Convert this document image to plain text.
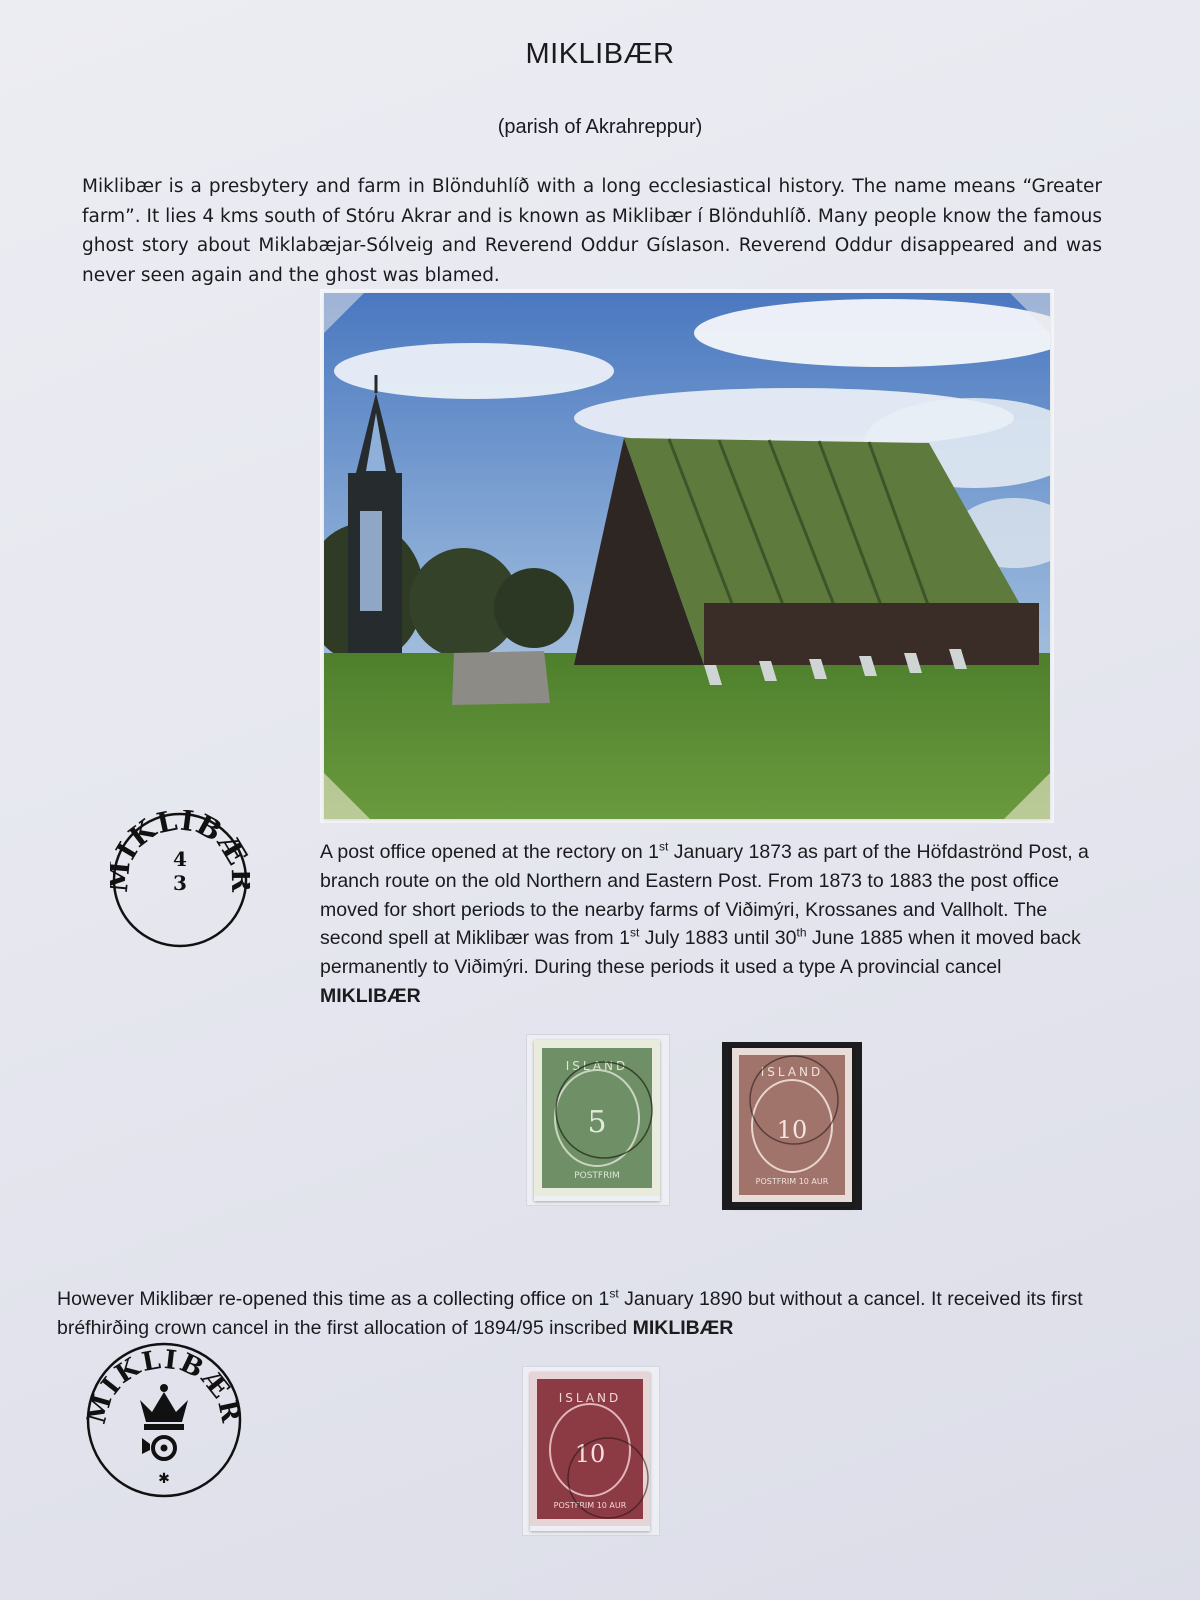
MIKLIBÆR
(parish of Akrahreppur)
Miklibær is a presbytery and farm in Blönduhlíð with a long ecclesiastical history. The name means “Greater farm”. It lies 4 kms south of Stóru Akrar and is known as Miklibær í Blönduhlíð. Many people know the famous ghost story about Miklabæjar-Sólveig and Reverend Oddur Gíslason. Reverend Oddur disappeared and was never seen again and the ghost was blamed.
IKLIB
4
3
A post office opened at the rectory on 1st January 1873 as part of the Höfdaströnd Post, a branch route on the old Northern and Eastern Post. From 1873 to 1883 the post office moved for short periods to the nearby farms of Viðimýri, Krossanes and Vallholt. The second spell at Miklibær was from 1st July 1883 until 30th June 1885 when it moved back permanently to Viðimýri. During these periods it used a type A provincial cancel MIKLIBÆR
ISLAND
5
POSTFRIM
ISLAND
10
POSTFRIM 10 AUR
However Miklibær re-opened this time as a collecting office on 1st January 1890 but without a cancel. It received its first bréfhirðing crown cancel in the first allocation of 1894/95 inscribed MIKLIBÆR
MIKLIBÆR
✱
ISLAND
10
POSTFRIM 10 AUR
